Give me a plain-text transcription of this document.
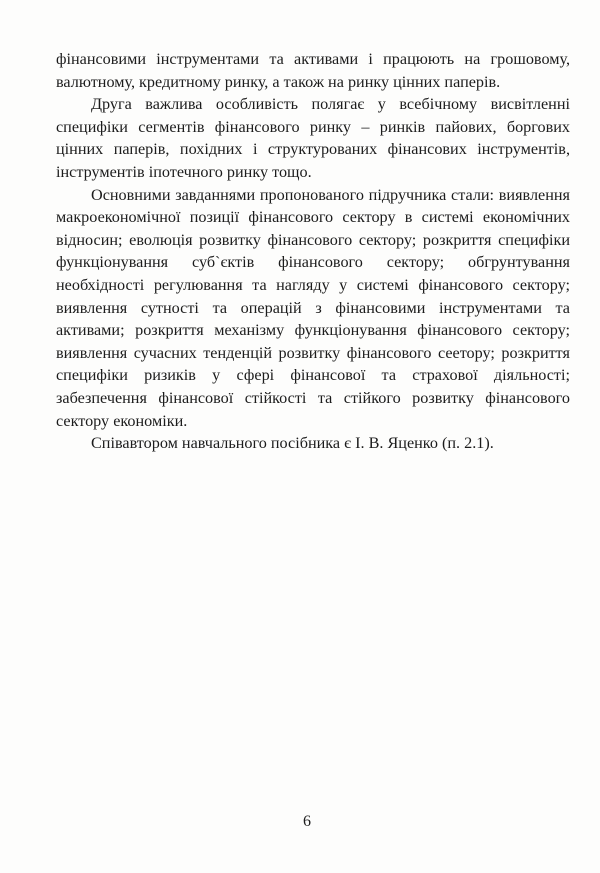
фінансовими інструментами та активами і працюють на грошовому, валютному, кредитному ринку, а також на ринку цінних паперів.

Друга важлива особливість полягає у всебічному висвітленні специфіки сегментів фінансового ринку – ринків пайових, боргових цінних паперів, похідних і структурованих фінансових інструментів, інструментів іпотечного ринку тощо.

Основними завданнями пропонованого підручника стали: виявлення макроекономічної позиції фінансового сектору в системі економічних відносин; еволюція розвитку фінансового сектору; розкриття специфіки функціонування суб`єктів фінансового сектору; обгрунтування необхідності регулювання та нагляду у системі фінансового сектору; виявлення сутності та операцій з фінансовими інструментами та активами; розкриття механізму функціонування фінансового сектору; виявлення сучасних тенденцій розвитку фінансового сеетору; розкриття специфіки ризиків у сфері фінансової та страхової діяльності; забезпечення фінансової стійкості та стійкого розвитку фінансового сектору економіки.

Співавтором навчального посібника є І. В. Яценко (п. 2.1).

6
